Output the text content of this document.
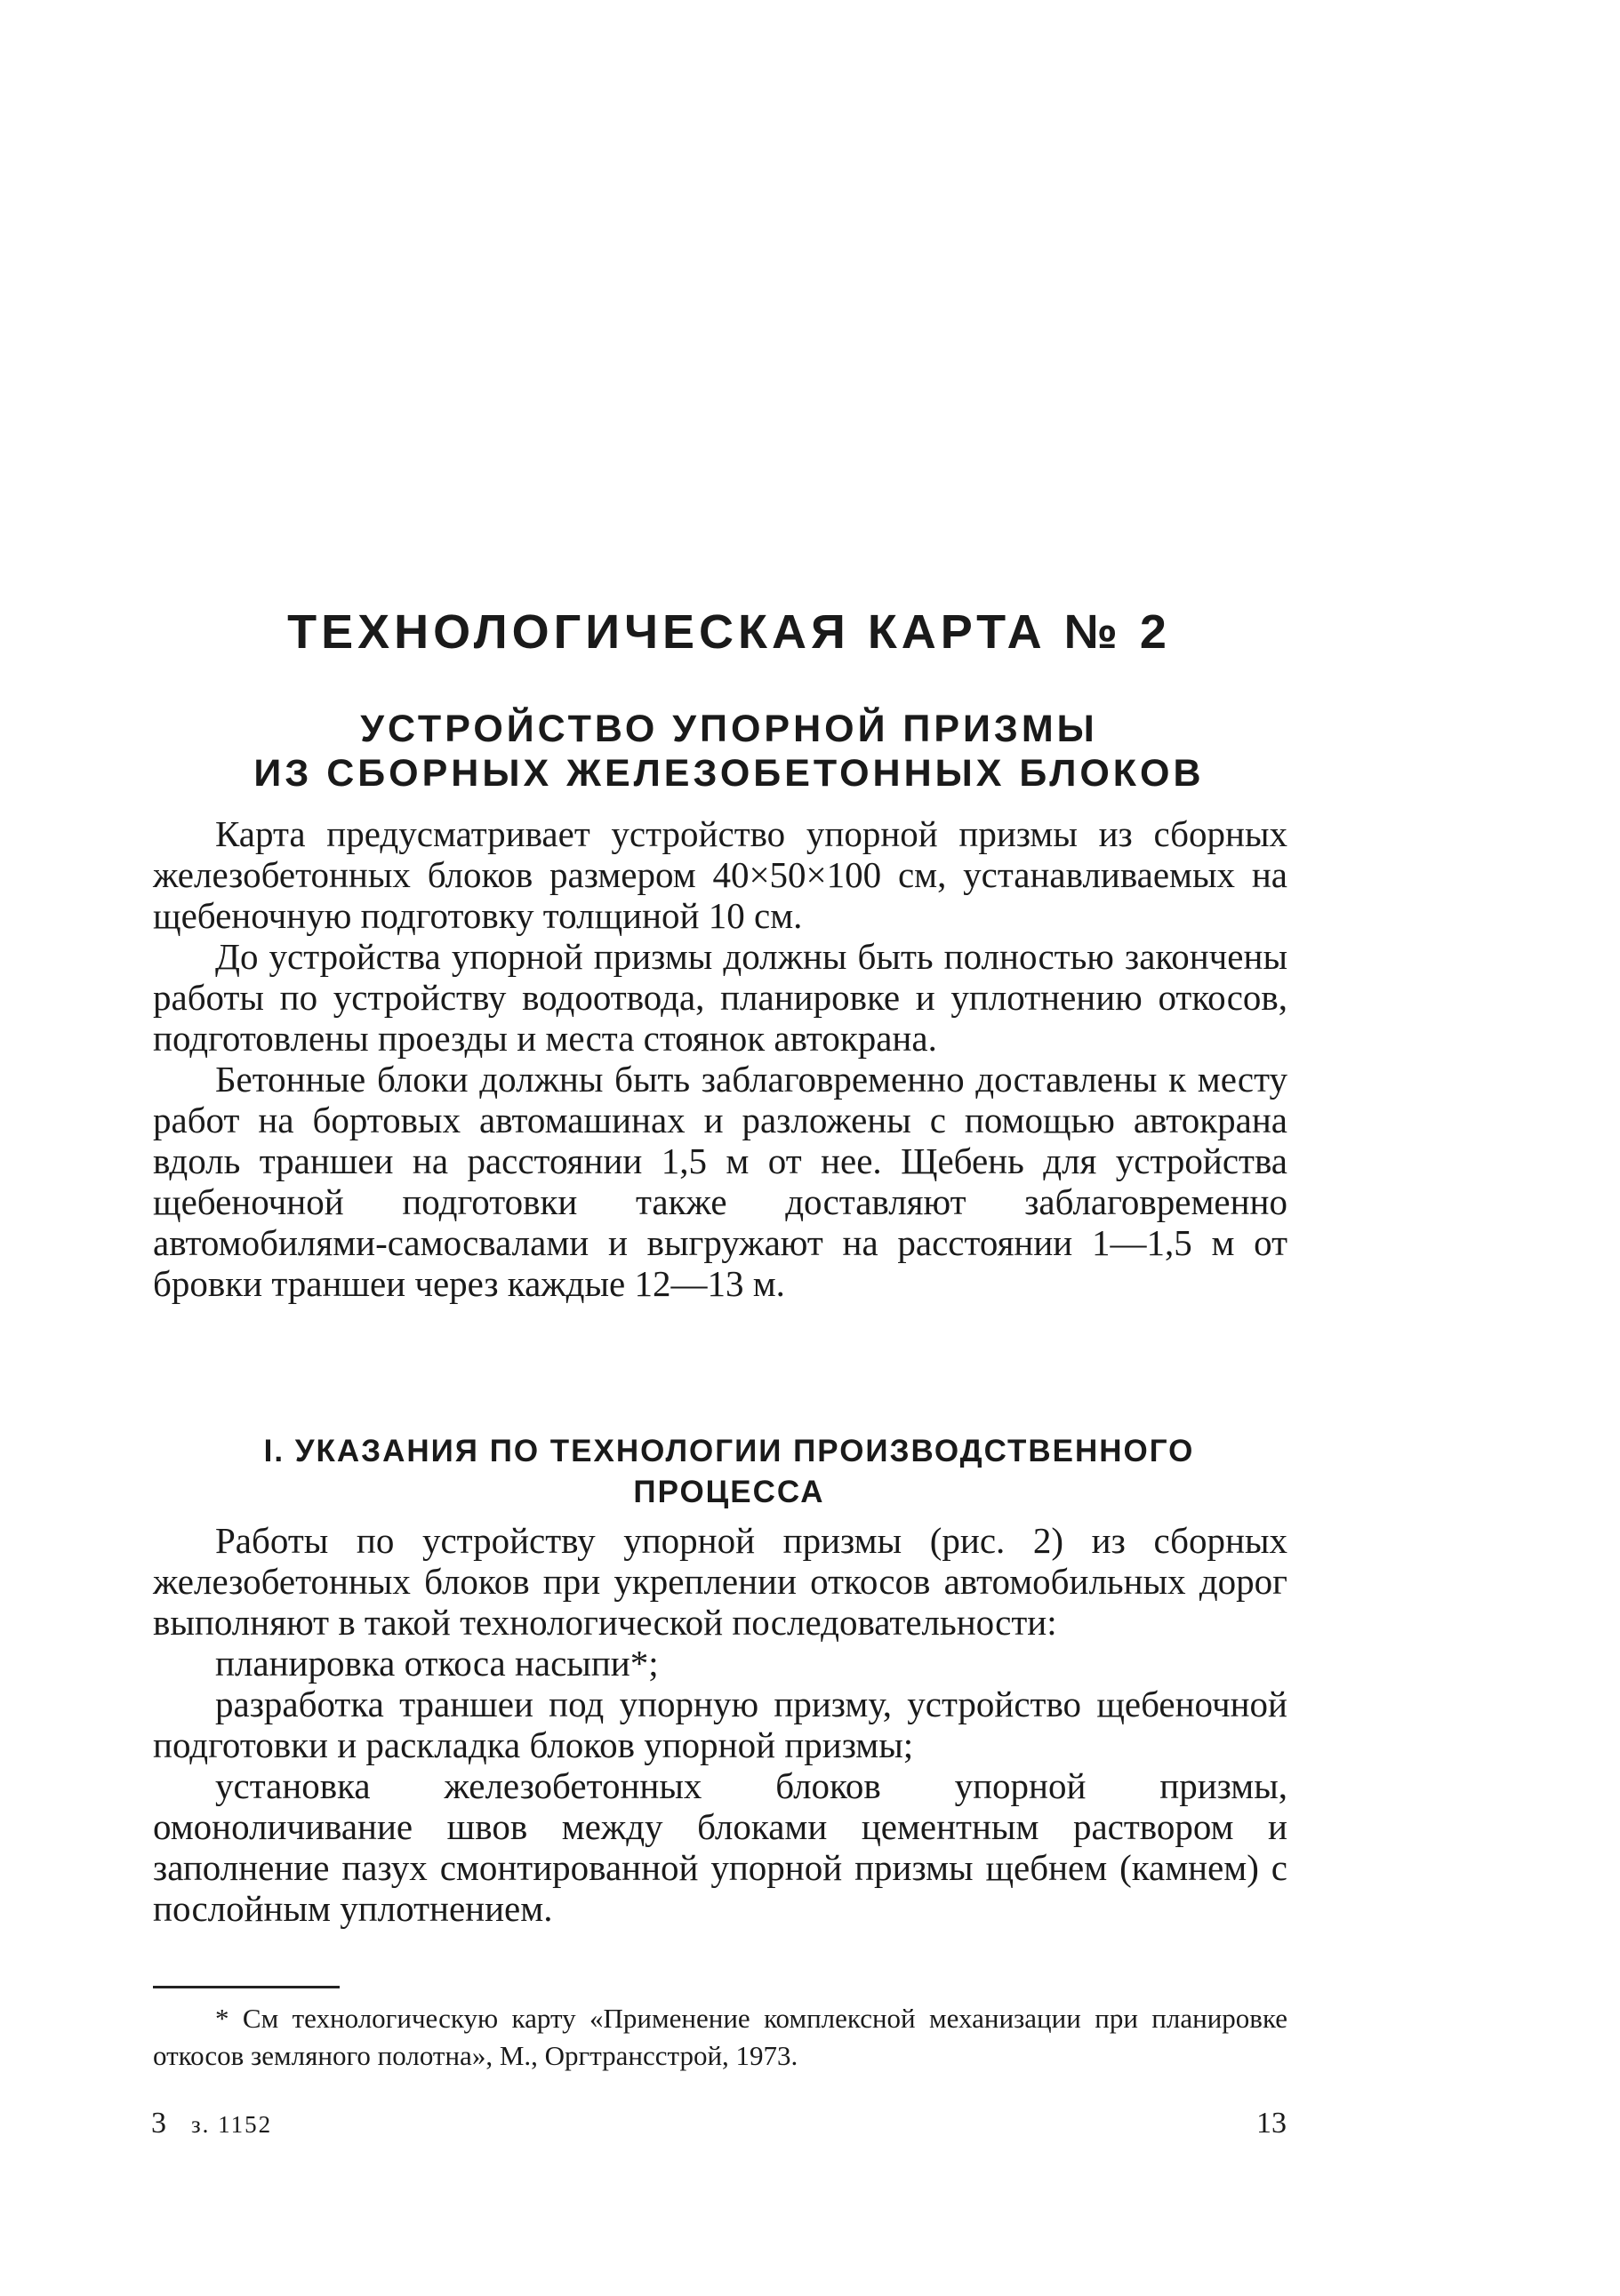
ТЕХНОЛОГИЧЕСКАЯ КАРТА № 2
УСТРОЙСТВО УПОРНОЙ ПРИЗМЫ
ИЗ СБОРНЫХ ЖЕЛЕЗОБЕТОННЫХ БЛОКОВ

Карта предусматривает устройство упорной призмы из сборных железобетонных блоков размером 40×50×100 см, устанавливаемых на щебеночную подготовку толщиной 10 см.

До устройства упорной призмы должны быть полностью закончены работы по устройству водоотвода, планировке и уплотнению откосов, подготовлены проезды и места стоянок автокрана.

Бетонные блоки должны быть заблаговременно доставлены к месту работ на бортовых автомашинах и разложены с помощью автокрана вдоль траншеи на расстоянии 1,5 м от нее. Щебень для устройства щебеночной подготовки также доставляют заблаговременно автомобилями-самосвалами и выгружают на расстоянии 1—1,5 м от бровки траншеи через каждые 12—13 м.

I. УКАЗАНИЯ ПО ТЕХНОЛОГИИ ПРОИЗВОДСТВЕННОГО
ПРОЦЕССА

Работы по устройству упорной призмы (рис. 2) из сборных железобетонных блоков при укреплении откосов автомобильных дорог выполняют в такой технологической последовательности:

планировка откоса насыпи*;

разработка траншеи под упорную призму, устройство щебеночной подготовки и раскладка блоков упорной призмы;

установка железобетонных блоков упорной призмы, омоноличивание швов между блоками цементным раствором и заполнение пазух смонтированной упорной призмы щебнем (камнем) с послойным уплотнением.

* См технологическую карту «Применение комплексной механизации при планировке откосов земляного полотна», М., Оргтрансстрой, 1973.

3 з. 1152	13
